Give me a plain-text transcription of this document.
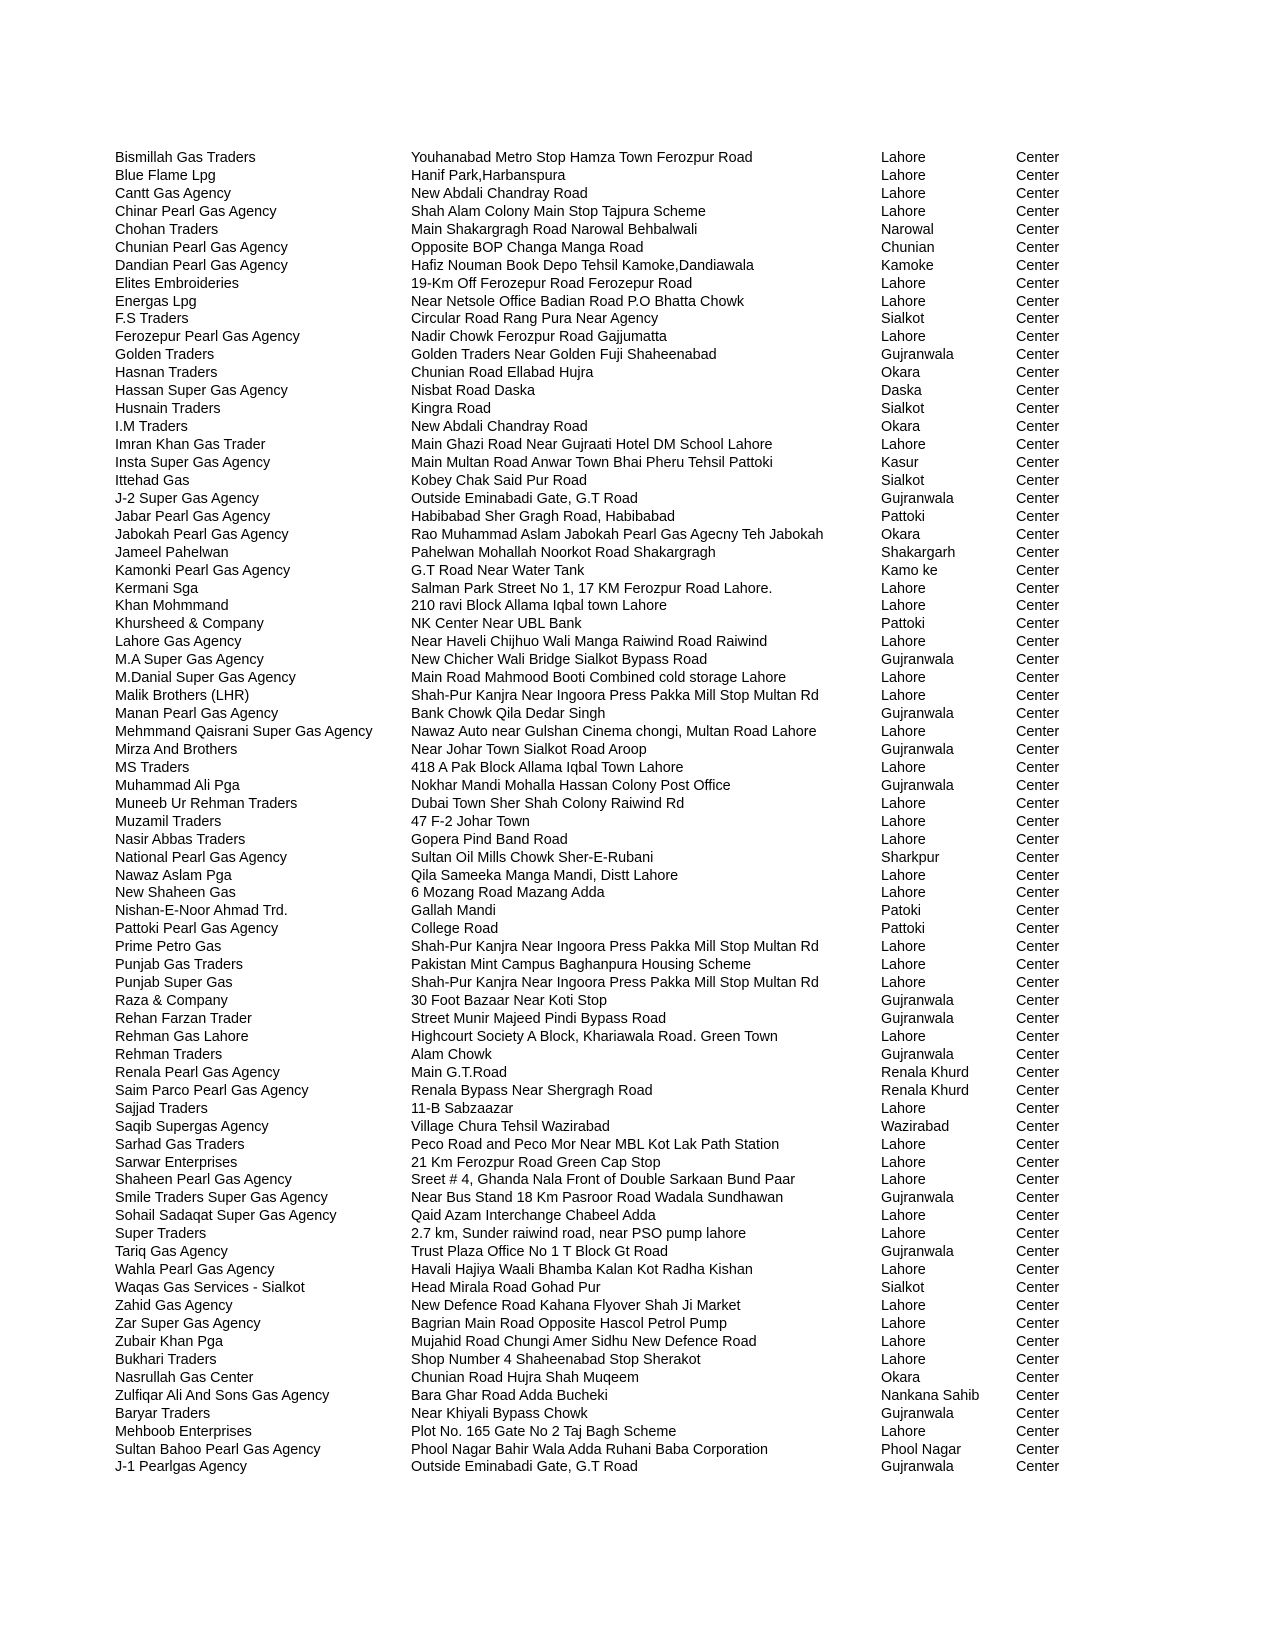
Bismillah Gas Traders	Youhanabad Metro Stop Hamza Town Ferozpur Road	Lahore	Center
Blue Flame Lpg	Hanif Park,Harbanspura	Lahore	Center
Cantt Gas Agency	New Abdali Chandray Road	Lahore	Center
Chinar Pearl Gas Agency	Shah Alam Colony Main Stop Tajpura Scheme	Lahore	Center
Chohan Traders	Main Shakargragh Road Narowal Behbalwali	Narowal	Center
Chunian Pearl Gas Agency	Opposite BOP Changa Manga Road	Chunian	Center
Dandian Pearl Gas Agency	Hafiz Nouman Book Depo Tehsil Kamoke,Dandiawala	Kamoke	Center
Elites Embroideries	19-Km Off Ferozepur Road Ferozepur Road	Lahore	Center
Energas Lpg	Near Netsole Office Badian Road P.O Bhatta Chowk	Lahore	Center
F.S Traders	Circular Road Rang Pura Near Agency	Sialkot	Center
Ferozepur Pearl Gas Agency	Nadir Chowk Ferozpur Road Gajjumatta	Lahore	Center
Golden Traders	Golden Traders Near Golden Fuji Shaheenabad	Gujranwala	Center
Hasnan Traders	Chunian Road Ellabad Hujra	Okara	Center
Hassan Super Gas Agency	Nisbat Road Daska	Daska	Center
Husnain Traders	Kingra Road	Sialkot	Center
I.M Traders	New Abdali Chandray Road	Okara	Center
Imran Khan Gas Trader	Main Ghazi Road Near Gujraati Hotel DM School Lahore	Lahore	Center
Insta Super Gas Agency	Main Multan Road Anwar Town Bhai Pheru Tehsil Pattoki	Kasur	Center
Ittehad Gas	Kobey Chak Said Pur Road	Sialkot	Center
J-2 Super Gas Agency	Outside Eminabadi Gate, G.T Road	Gujranwala	Center
Jabar Pearl Gas Agency	Habibabad Sher Gragh Road, Habibabad	Pattoki	Center
Jabokah Pearl Gas Agency	Rao Muhammad Aslam Jabokah Pearl Gas Agecny Teh Jabokah	Okara	Center
Jameel Pahelwan	Pahelwan Mohallah Noorkot Road Shakargragh	Shakargarh	Center
Kamonki Pearl Gas Agency	G.T Road Near Water Tank	Kamo ke	Center
Kermani Sga	Salman Park Street No 1, 17 KM Ferozpur Road Lahore.	Lahore	Center
Khan Mohmmand	210 ravi Block Allama Iqbal town Lahore	Lahore	Center
Khursheed & Company	NK Center Near UBL Bank	Pattoki	Center
Lahore Gas Agency	Near Haveli Chijhuo Wali Manga Raiwind Road Raiwind	Lahore	Center
M.A Super Gas Agency	New Chicher Wali Bridge Sialkot Bypass Road	Gujranwala	Center
M.Danial Super Gas Agency	Main Road Mahmood Booti Combined cold storage Lahore	Lahore	Center
Malik Brothers (LHR)	Shah-Pur Kanjra Near Ingoora Press Pakka Mill Stop Multan Rd	Lahore	Center
Manan Pearl Gas Agency	Bank Chowk Qila Dedar Singh	Gujranwala	Center
Mehmmand Qaisrani Super Gas Agency	Nawaz Auto near Gulshan Cinema chongi, Multan Road Lahore	Lahore	Center
Mirza And Brothers	Near Johar Town Sialkot Road Aroop	Gujranwala	Center
MS Traders	418 A Pak Block Allama Iqbal Town Lahore	Lahore	Center
Muhammad Ali Pga	Nokhar Mandi Mohalla Hassan Colony Post Office	Gujranwala	Center
Muneeb Ur Rehman Traders	Dubai Town Sher Shah Colony Raiwind Rd	Lahore	Center
Muzamil Traders	47 F-2 Johar Town	Lahore	Center
Nasir Abbas Traders	Gopera Pind Band Road	Lahore	Center
National Pearl Gas Agency	Sultan Oil Mills Chowk Sher-E-Rubani	Sharkpur	Center
Nawaz Aslam Pga	Qila Sameeka Manga Mandi, Distt Lahore	Lahore	Center
New Shaheen Gas	6 Mozang Road Mazang Adda	Lahore	Center
Nishan-E-Noor Ahmad Trd.	Gallah Mandi	Patoki	Center
Pattoki Pearl Gas Agency	College Road	Pattoki	Center
Prime Petro Gas	Shah-Pur Kanjra Near Ingoora Press Pakka Mill Stop Multan Rd	Lahore	Center
Punjab Gas Traders	Pakistan Mint Campus Baghanpura Housing Scheme	Lahore	Center
Punjab Super Gas	Shah-Pur Kanjra Near Ingoora Press Pakka Mill Stop Multan Rd	Lahore	Center
Raza & Company	30 Foot Bazaar Near Koti Stop	Gujranwala	Center
Rehan Farzan Trader	Street Munir Majeed Pindi Bypass Road	Gujranwala	Center
Rehman Gas Lahore	Highcourt Society A Block, Khariawala Road. Green Town	Lahore	Center
Rehman Traders	Alam Chowk	Gujranwala	Center
Renala Pearl Gas Agency	Main G.T.Road	Renala Khurd	Center
Saim Parco Pearl Gas Agency	Renala Bypass Near Shergragh Road	Renala Khurd	Center
Sajjad Traders	11-B Sabzaazar	Lahore	Center
Saqib Supergas Agency	Village Chura Tehsil Wazirabad	Wazirabad	Center
Sarhad Gas Traders	Peco Road and Peco Mor Near MBL Kot Lak Path Station	Lahore	Center
Sarwar Enterprises	21 Km Ferozpur Road Green Cap Stop	Lahore	Center
Shaheen Pearl Gas Agency	Sreet # 4, Ghanda Nala Front of Double Sarkaan Bund Paar	Lahore	Center
Smile Traders Super Gas Agency	Near Bus Stand 18 Km Pasroor Road Wadala Sundhawan	Gujranwala	Center
Sohail Sadaqat Super Gas Agency	Qaid Azam Interchange Chabeel Adda	Lahore	Center
Super Traders	2.7 km, Sunder raiwind road, near PSO pump lahore	Lahore	Center
Tariq Gas Agency	Trust Plaza Office No 1 T Block Gt Road	Gujranwala	Center
Wahla Pearl Gas Agency	Havali Hajiya Waali Bhamba Kalan Kot Radha Kishan	Lahore	Center
Waqas Gas Services - Sialkot	Head Mirala Road Gohad Pur	Sialkot	Center
Zahid Gas Agency	New Defence Road Kahana Flyover Shah Ji Market	Lahore	Center
Zar Super Gas Agency	Bagrian Main Road Opposite Hascol Petrol Pump	Lahore	Center
Zubair Khan Pga	Mujahid Road Chungi Amer Sidhu New Defence Road	Lahore	Center
Bukhari Traders	Shop Number 4 Shaheenabad Stop Sherakot	Lahore	Center
Nasrullah Gas Center	Chunian Road Hujra Shah Muqeem	Okara	Center
Zulfiqar Ali And Sons Gas Agency	Bara Ghar Road Adda Bucheki	Nankana Sahib	Center
Baryar Traders	Near Khiyali Bypass Chowk	Gujranwala	Center
Mehboob Enterprises	Plot No. 165 Gate No 2 Taj Bagh Scheme	Lahore	Center
Sultan Bahoo Pearl Gas Agency	Phool Nagar Bahir Wala Adda Ruhani Baba Corporation	Phool Nagar	Center
J-1 Pearlgas Agency	Outside Eminabadi Gate, G.T Road	Gujranwala	Center
